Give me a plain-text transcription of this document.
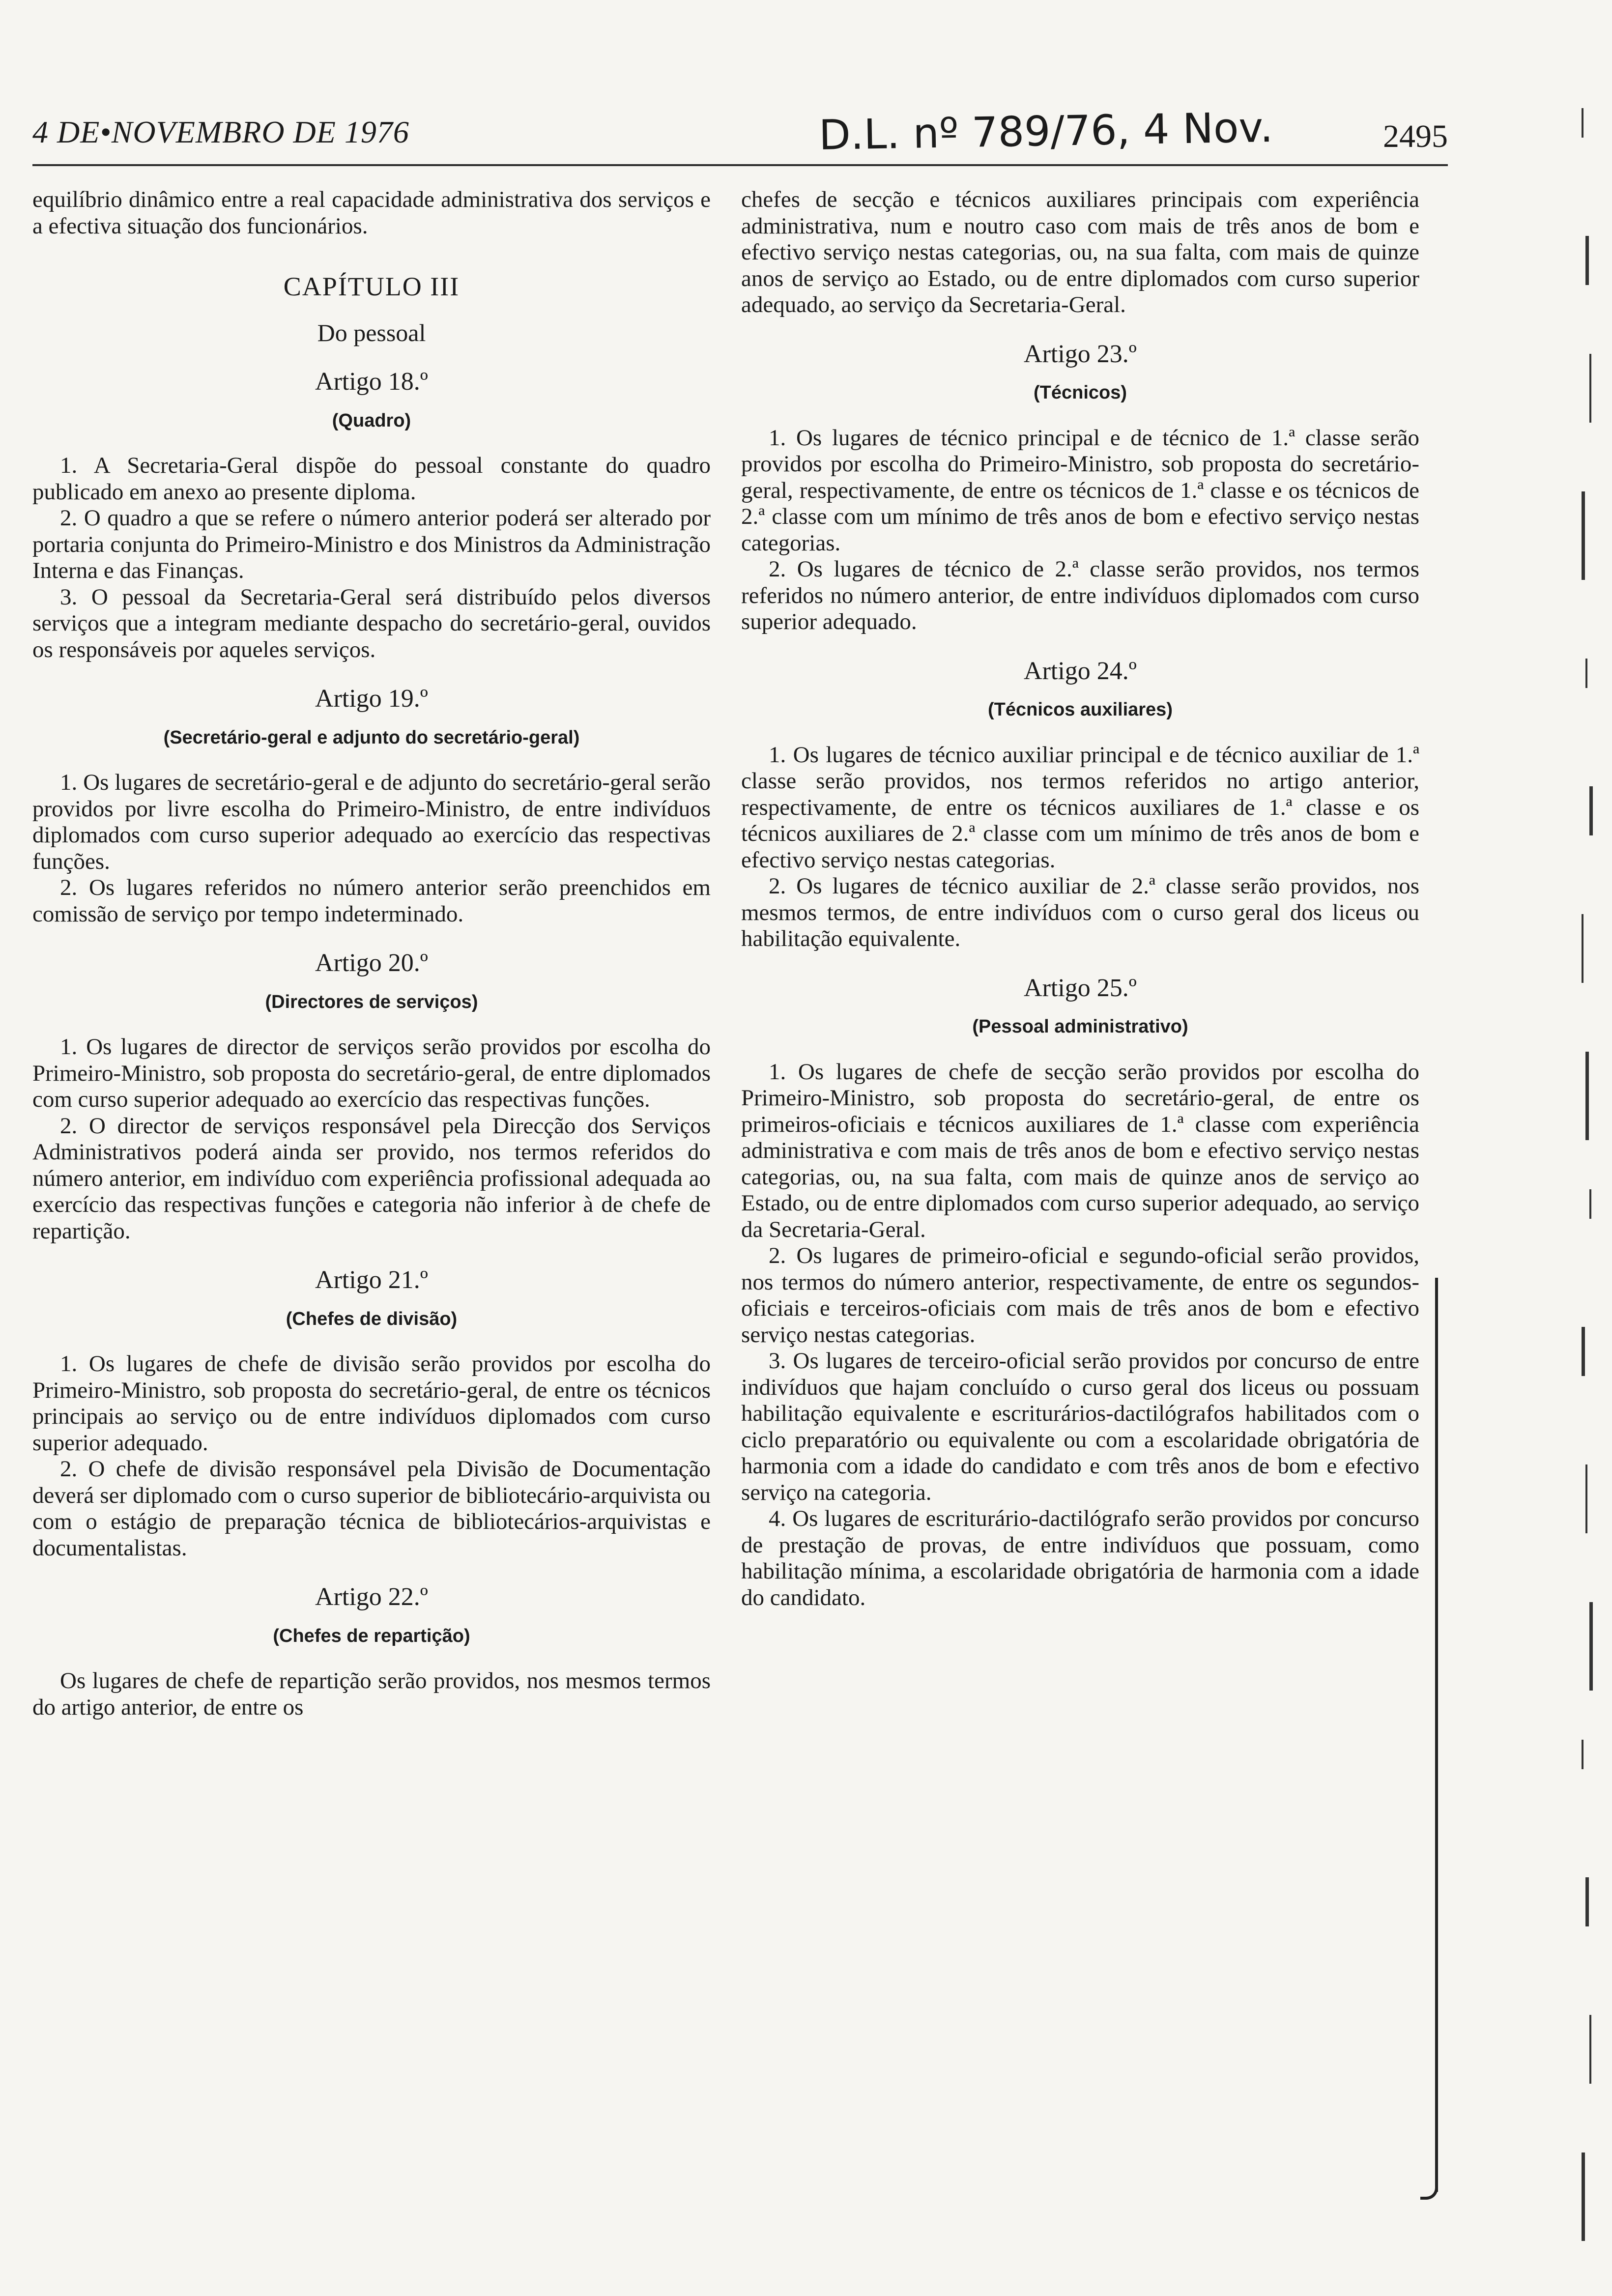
4 DE•NOVEMBRO DE 1976	D.L. nº 789/76, 4 Nov.	2495

equilíbrio dinâmico entre a real capacidade administrativa dos serviços e a efectiva situação dos funcionários.

CAPÍTULO III
Do pessoal
Artigo 18.º
(Quadro)

1. A Secretaria-Geral dispõe do pessoal constante do quadro publicado em anexo ao presente diploma.

2. O quadro a que se refere o número anterior poderá ser alterado por portaria conjunta do Primeiro-Ministro e dos Ministros da Administração Interna e das Finanças.

3. O pessoal da Secretaria-Geral será distribuído pelos diversos serviços que a integram mediante despacho do secretário-geral, ouvidos os responsáveis por aqueles serviços.

Artigo 19.º
(Secretário-geral e adjunto do secretário-geral)

1. Os lugares de secretário-geral e de adjunto do secretário-geral serão providos por livre escolha do Primeiro-Ministro, de entre indivíduos diplomados com curso superior adequado ao exercício das respectivas funções.

2. Os lugares referidos no número anterior serão preenchidos em comissão de serviço por tempo indeterminado.

Artigo 20.º
(Directores de serviços)

1. Os lugares de director de serviços serão providos por escolha do Primeiro-Ministro, sob proposta do secretário-geral, de entre diplomados com curso superior adequado ao exercício das respectivas funções.

2. O director de serviços responsável pela Direcção dos Serviços Administrativos poderá ainda ser provido, nos termos referidos do número anterior, em indivíduo com experiência profissional adequada ao exercício das respectivas funções e categoria não inferior à de chefe de repartição.

Artigo 21.º
(Chefes de divisão)

1. Os lugares de chefe de divisão serão providos por escolha do Primeiro-Ministro, sob proposta do secretário-geral, de entre os técnicos principais ao serviço ou de entre indivíduos diplomados com curso superior adequado.

2. O chefe de divisão responsável pela Divisão de Documentação deverá ser diplomado com o curso superior de bibliotecário-arquivista ou com o estágio de preparação técnica de bibliotecários-arquivistas e documentalistas.

Artigo 22.º
(Chefes de repartição)

Os lugares de chefe de repartição serão providos, nos mesmos termos do artigo anterior, de entre os

chefes de secção e técnicos auxiliares principais com experiência administrativa, num e noutro caso com mais de três anos de bom e efectivo serviço nestas categorias, ou, na sua falta, com mais de quinze anos de serviço ao Estado, ou de entre diplomados com curso superior adequado, ao serviço da Secretaria-Geral.

Artigo 23.º
(Técnicos)

1. Os lugares de técnico principal e de técnico de 1.ª classe serão providos por escolha do Primeiro-Ministro, sob proposta do secretário-geral, respectivamente, de entre os técnicos de 1.ª classe e os técnicos de 2.ª classe com um mínimo de três anos de bom e efectivo serviço nestas categorias.

2. Os lugares de técnico de 2.ª classe serão providos, nos termos referidos no número anterior, de entre indivíduos diplomados com curso superior adequado.

Artigo 24.º
(Técnicos auxiliares)

1. Os lugares de técnico auxiliar principal e de técnico auxiliar de 1.ª classe serão providos, nos termos referidos no artigo anterior, respectivamente, de entre os técnicos auxiliares de 1.ª classe e os técnicos auxiliares de 2.ª classe com um mínimo de três anos de bom e efectivo serviço nestas categorias.

2. Os lugares de técnico auxiliar de 2.ª classe serão providos, nos mesmos termos, de entre indivíduos com o curso geral dos liceus ou habilitação equivalente.

Artigo 25.º
(Pessoal administrativo)

1. Os lugares de chefe de secção serão providos por escolha do Primeiro-Ministro, sob proposta do secretário-geral, de entre os primeiros-oficiais e técnicos auxiliares de 1.ª classe com experiência administrativa e com mais de três anos de bom e efectivo serviço nestas categorias, ou, na sua falta, com mais de quinze anos de serviço ao Estado, ou de entre diplomados com curso superior adequado, ao serviço da Secretaria-Geral.

2. Os lugares de primeiro-oficial e segundo-oficial serão providos, nos termos do número anterior, respectivamente, de entre os segundos-oficiais e terceiros-oficiais com mais de três anos de bom e efectivo serviço nestas categorias.

3. Os lugares de terceiro-oficial serão providos por concurso de entre indivíduos que hajam concluído o curso geral dos liceus ou possuam habilitação equivalente e escriturários-dactilógrafos habilitados com o ciclo preparatório ou equivalente ou com a escolaridade obrigatória de harmonia com a idade do candidato e com três anos de bom e efectivo serviço na categoria.

4. Os lugares de escriturário-dactilógrafo serão providos por concurso de prestação de provas, de entre indivíduos que possuam, como habilitação mínima, a escolaridade obrigatória de harmonia com a idade do candidato.
